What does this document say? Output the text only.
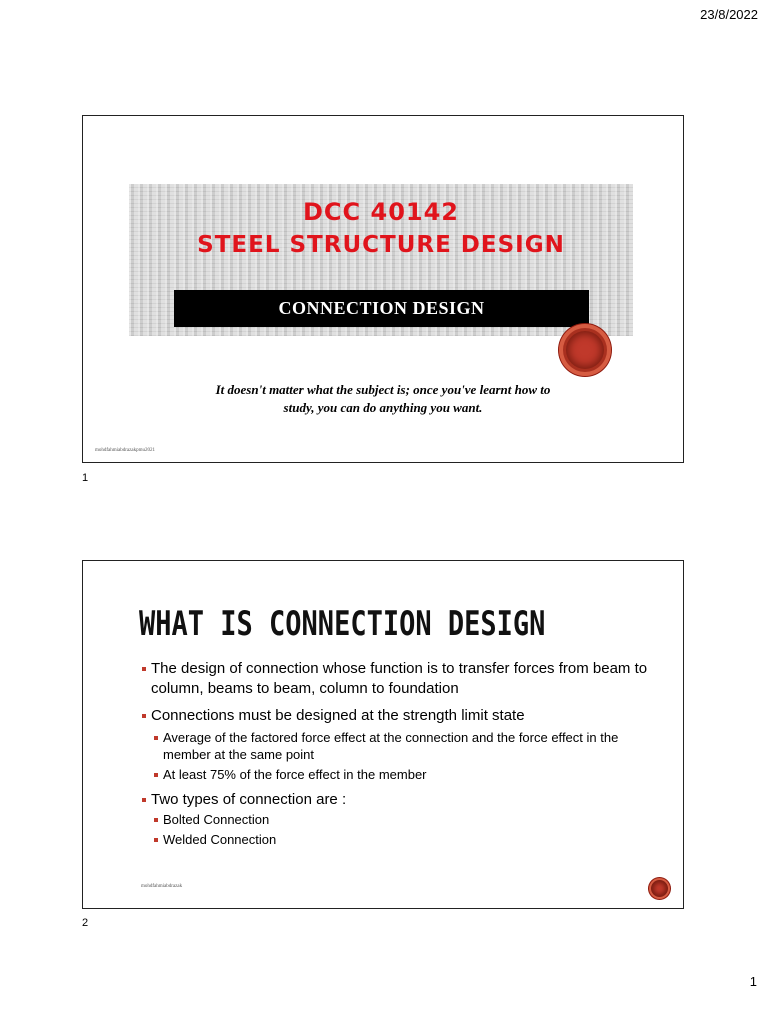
23/8/2022
DCC 40142
STEEL STRUCTURE DESIGN
CONNECTION DESIGN

It doesn't matter what the subject is; once you've learnt how to
study, you can do anything you want.

mohdfahmiabdrazakpmu2021
1
WHAT IS CONNECTION DESIGN
The design of connection whose function is to transfer forces from beam to column, beams to beam, column to foundation
Connections must be designed at the strength limit state
Average of the factored force effect at the connection and the force effect in the member at the same point
At least 75% of the force effect in the member
Two types of connection are :
Bolted Connection
Welded Connection
mohdfahmiabdrazak
2
1
